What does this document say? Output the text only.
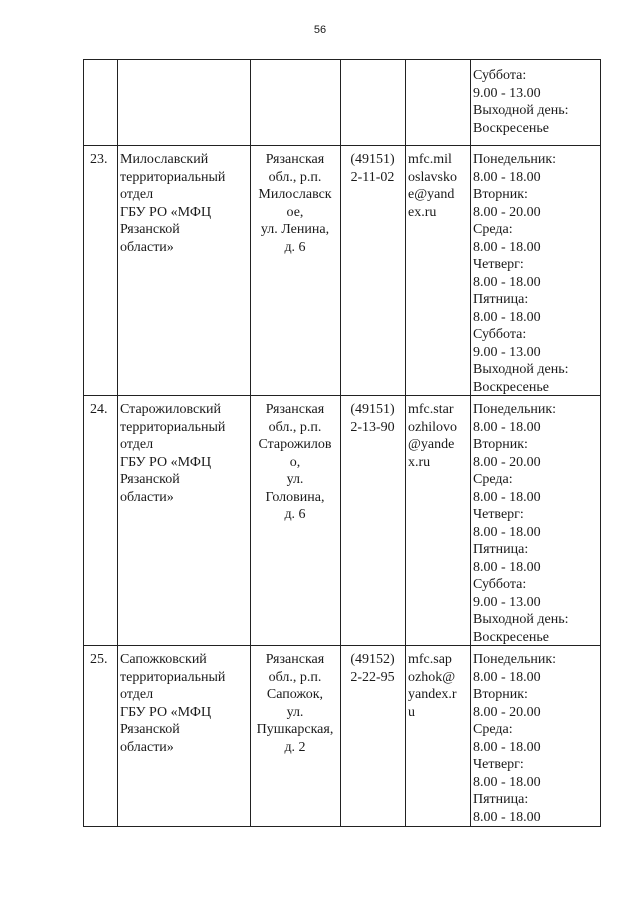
56
Суббота:
9.00 - 13.00
Выходной день:
Воскресенье
23. Милославский
территориальный
отдел
ГБУ РО «МФЦ
Рязанской
области»
Рязанская
обл., р.п.
Милославск
ое,
ул. Ленина,
д. 6
(49151)
2-11-02
mfc.mil
oslavsko
e@yand
ex.ru
Понедельник:
8.00 - 18.00
Вторник:
8.00 - 20.00
Среда:
8.00 - 18.00
Четверг:
8.00 - 18.00
Пятница:
8.00 - 18.00
Суббота:
9.00 - 13.00
Выходной день:
Воскресенье
24. Старожиловский
территориальный
отдел
ГБУ РО «МФЦ
Рязанской
области»
Рязанская
обл., р.п.
Старожилов
о,
ул.
Головина,
д. 6
(49151)
2-13-90
mfc.star
ozhilovo
@yande
x.ru
Понедельник:
8.00 - 18.00
Вторник:
8.00 - 20.00
Среда:
8.00 - 18.00
Четверг:
8.00 - 18.00
Пятница:
8.00 - 18.00
Суббота:
9.00 - 13.00
Выходной день:
Воскресенье
25. Сапожковский
территориальный
отдел
ГБУ РО «МФЦ
Рязанской
области»
Рязанская
обл., р.п.
Сапожок,
ул.
Пушкарская,
д. 2
(49152)
2-22-95
mfc.sap
ozhok@
yandex.r
u
Понедельник:
8.00 - 18.00
Вторник:
8.00 - 20.00
Среда:
8.00 - 18.00
Четверг:
8.00 - 18.00
Пятница:
8.00 - 18.00
